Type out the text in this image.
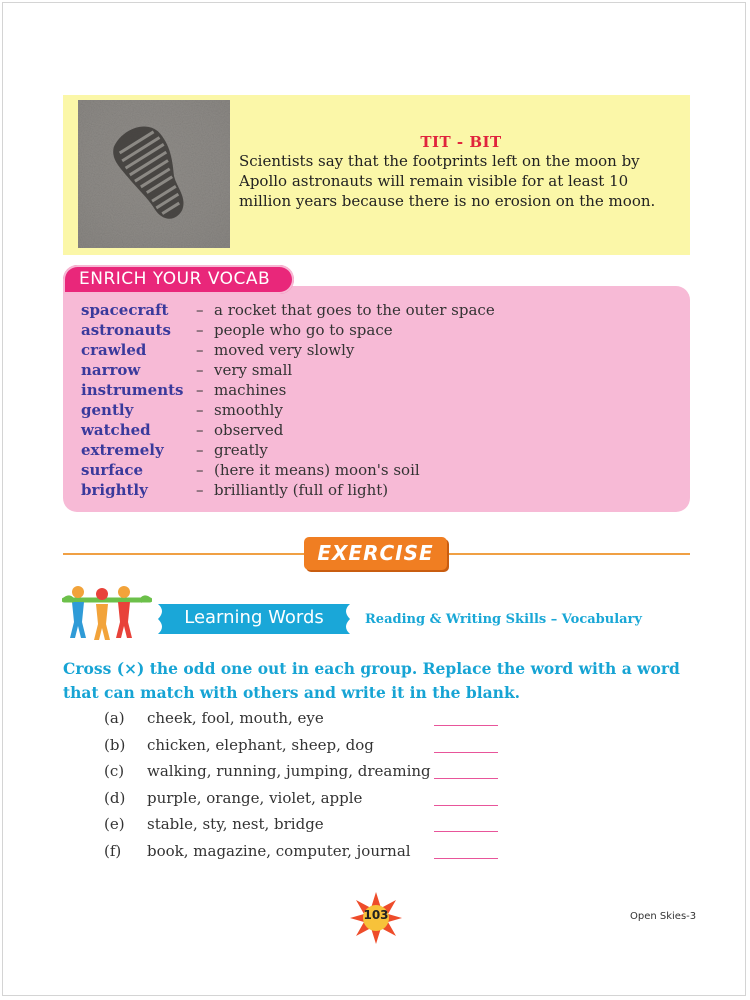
TIT - BIT
Scientists say that the footprints left on the moon by Apollo astronauts will remain visible for at least 10 million years because there is no erosion on the moon.
spacecraft	– a rocket that goes to the outer space
astronauts	– people who go to space
crawled	– moved very slowly
narrow	– very small
instruments – machines
gently	– smoothly
watched	– observed
extremely	– greatly
surface	– (here it means) moon's soil
brightly	– brilliantly (full of light)
ENRICH YOUR VOCAB
EXERCISE
Learning Words	Reading & Writing Skills – Vocabulary
Cross (×) the odd one out in each group. Replace the word with a word that can match with others and write it in the blank.
(a)	cheek, fool, mouth, eye
(b)	chicken, elephant, sheep, dog
(c)	walking, running, jumping, dreaming
(d)	purple, orange, violet, apple
(e)	stable, sty, nest, bridge
(f)	book, magazine, computer, journal
103	Open Skies-3
